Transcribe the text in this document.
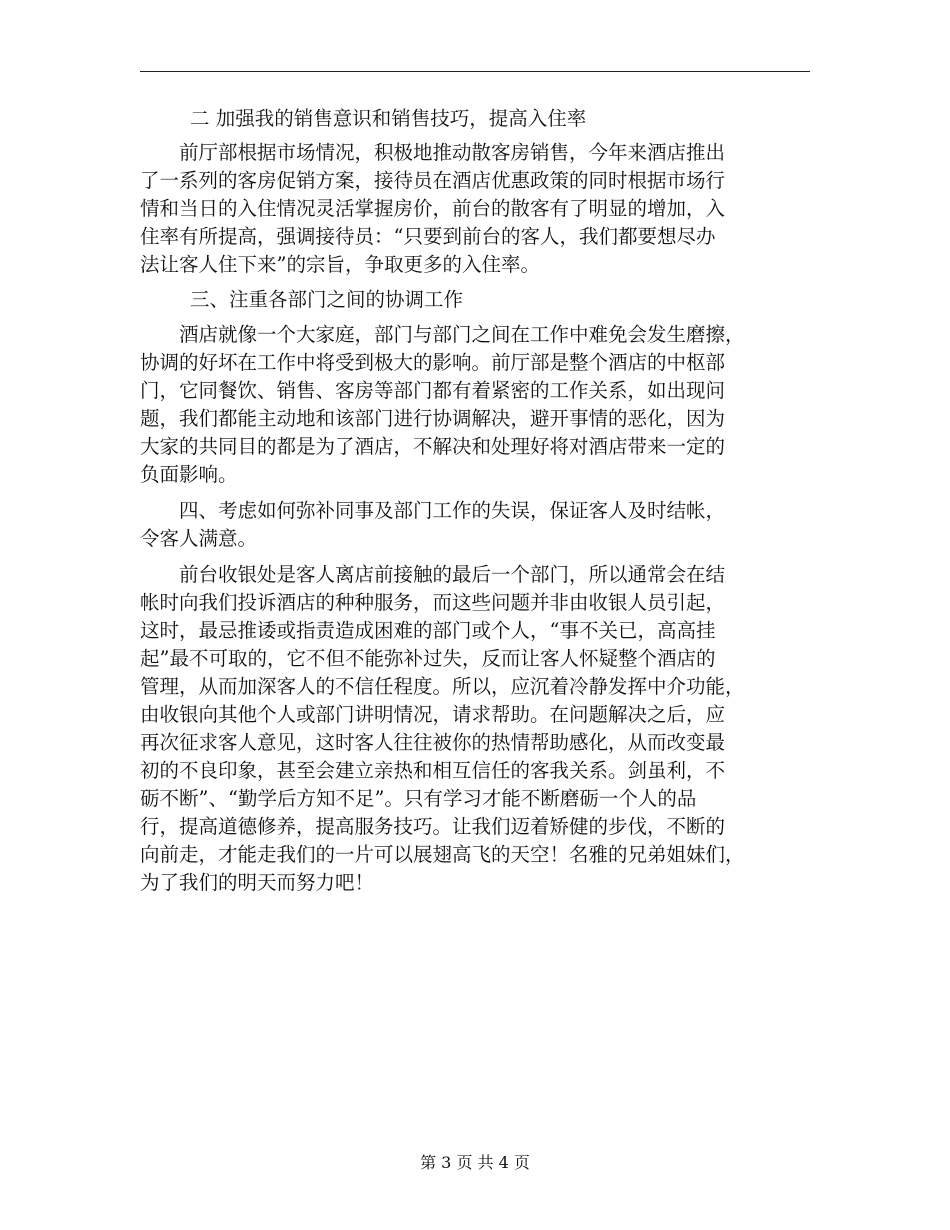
二 加强我的销售意识和销售技巧，提高入住率
　　前厅部根据市场情况，积极地推动散客房销售，今年来酒店推出
了一系列的客房促销方案，接待员在酒店优惠政策的同时根据市场行
情和当日的入住情况灵活掌握房价，前台的散客有了明显的增加，入
住率有所提高，强调接待员：“只要到前台的客人，我们都要想尽办
法让客人住下来”的宗旨，争取更多的入住率。
三、注重各部门之间的协调工作
　　酒店就像一个大家庭，部门与部门之间在工作中难免会发生磨擦，
协调的好坏在工作中将受到极大的影响。前厅部是整个酒店的中枢部
门，它同餐饮、销售、客房等部门都有着紧密的工作关系，如出现问
题，我们都能主动地和该部门进行协调解决，避开事情的恶化，因为
大家的共同目的都是为了酒店，不解决和处理好将对酒店带来一定的
负面影响。
　　四、考虑如何弥补同事及部门工作的失误，保证客人及时结帐，
令客人满意。
　　前台收银处是客人离店前接触的最后一个部门，所以通常会在结
帐时向我们投诉酒店的种种服务，而这些问题并非由收银人员引起，
这时，最忌推诿或指责造成困难的部门或个人，“事不关已，高高挂
起”最不可取的，它不但不能弥补过失，反而让客人怀疑整个酒店的
管理，从而加深客人的不信任程度。所以，应沉着冷静发挥中介功能，
由收银向其他个人或部门讲明情况，请求帮助。在问题解决之后，应
再次征求客人意见，这时客人往往被你的热情帮助感化，从而改变最
初的不良印象，甚至会建立亲热和相互信任的客我关系。剑虽利，不
砺不断”、“勤学后方知不足”。只有学习才能不断磨砺一个人的品
行，提高道德修养，提高服务技巧。让我们迈着矫健的步伐，不断的
向前走，才能走我们的一片可以展翅高飞的天空！名雅的兄弟姐妹们，
为了我们的明天而努力吧！
第 3 页 共 4 页
